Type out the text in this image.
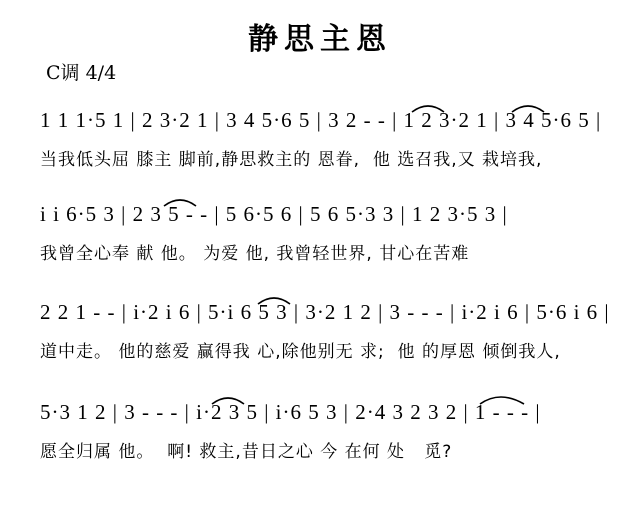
静思主恩
C调 4/4
1 1 1·5 1 | 2 3·2 1 | 3 4 5·6 5 | 3 2 - - | 1 2 3·2 1 | 3 4 5·6 5 |
当我低头屈 膝主 脚前,静思救主的 恩眷,  他 选召我,又 栽培我,
i i 6·5 3 | 2 3 5 - - | 5 6·5 6 | 5 6 5·3 3 | 1 2 3·5 3 |
我曾全心奉 献 他。 为爱 他, 我曾轻世界, 甘心在苦难
2 2 1 - - | i·2 i 6 | 5·i 6 5 3 | 3·2 1 2 | 3 - - - | i·2 i 6 | 5·6 i 6 |
道中走。 他的慈爱 赢得我 心,除他别无 求;  他 的厚恩 倾倒我人,
5·3 1 2 | 3 - - - | i·2 3 5 | i·6 5 3 | 2·4 3 2 3 2 | 1 - - - |
愿全归属 他。  啊! 救主,昔日之心 今 在何 处   觅?
